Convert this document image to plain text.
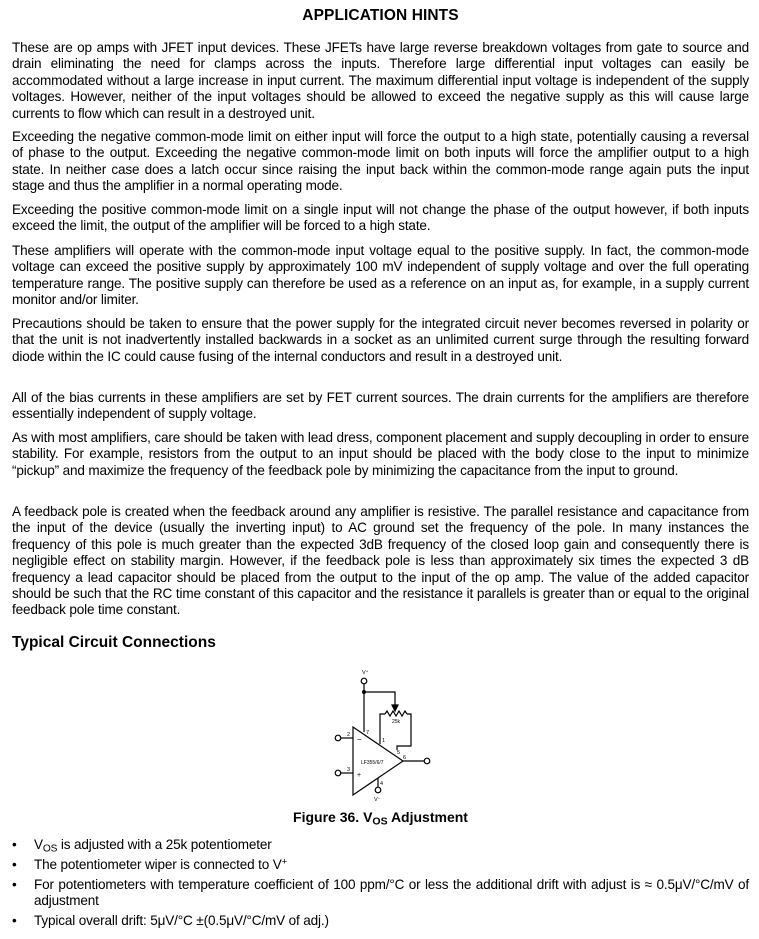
APPLICATION HINTS

These are op amps with JFET input devices. These JFETs have large reverse breakdown voltages from gate to source and drain eliminating the need for clamps across the inputs. Therefore large differential input voltages can easily be accommodated without a large increase in input current. The maximum differential input voltage is independent of the supply voltages. However, neither of the input voltages should be allowed to exceed the negative supply as this will cause large currents to flow which can result in a destroyed unit.

Exceeding the negative common-mode limit on either input will force the output to a high state, potentially causing a reversal of phase to the output. Exceeding the negative common-mode limit on both inputs will force the amplifier output to a high state. In neither case does a latch occur since raising the input back within the common-mode range again puts the input stage and thus the amplifier in a normal operating mode.

Exceeding the positive common-mode limit on a single input will not change the phase of the output however, if both inputs exceed the limit, the output of the amplifier will be forced to a high state.

These amplifiers will operate with the common-mode input voltage equal to the positive supply. In fact, the common-mode voltage can exceed the positive supply by approximately 100 mV independent of supply voltage and over the full operating temperature range. The positive supply can therefore be used as a reference on an input as, for example, in a supply current monitor and/or limiter.

Precautions should be taken to ensure that the power supply for the integrated circuit never becomes reversed in polarity or that the unit is not inadvertently installed backwards in a socket as an unlimited current surge through the resulting forward diode within the IC could cause fusing of the internal conductors and result in a destroyed unit.

All of the bias currents in these amplifiers are set by FET current sources. The drain currents for the amplifiers are therefore essentially independent of supply voltage.

As with most amplifiers, care should be taken with lead dress, component placement and supply decoupling in order to ensure stability. For example, resistors from the output to an input should be placed with the body close to the input to minimize “pickup” and maximize the frequency of the feedback pole by minimizing the capacitance from the input to ground.

A feedback pole is created when the feedback around any amplifier is resistive. The parallel resistance and capacitance from the input of the device (usually the inverting input) to AC ground set the frequency of the pole. In many instances the frequency of this pole is much greater than the expected 3dB frequency of the closed loop gain and consequently there is negligible effect on stability margin. However, if the feedback pole is less than approximately six times the expected 3 dB frequency a lead capacitor should be placed from the output to the input of the op amp. The value of the added capacitor should be such that the RC time constant of this capacitor and the resistance it parallels is greater than or equal to the original feedback pole time constant.

Typical Circuit Connections
V⁺
25k
2
3
7
1
5
6
4
V⁻
−
+
LF355/6/7
Figure 36. $V_{OS}$ Adjustment
• $V_{OS}$ is adjusted with a 25k potentiometer
• The potentiometer wiper is connected to V+
• For potentiometers with temperature coefficient of 100 ppm/°C or less the additional drift with adjust is ≈ 0.5μV/°C/mV of adjustment
• Typical overall drift: 5μV/°C ±(0.5μV/°C/mV of adj.)
